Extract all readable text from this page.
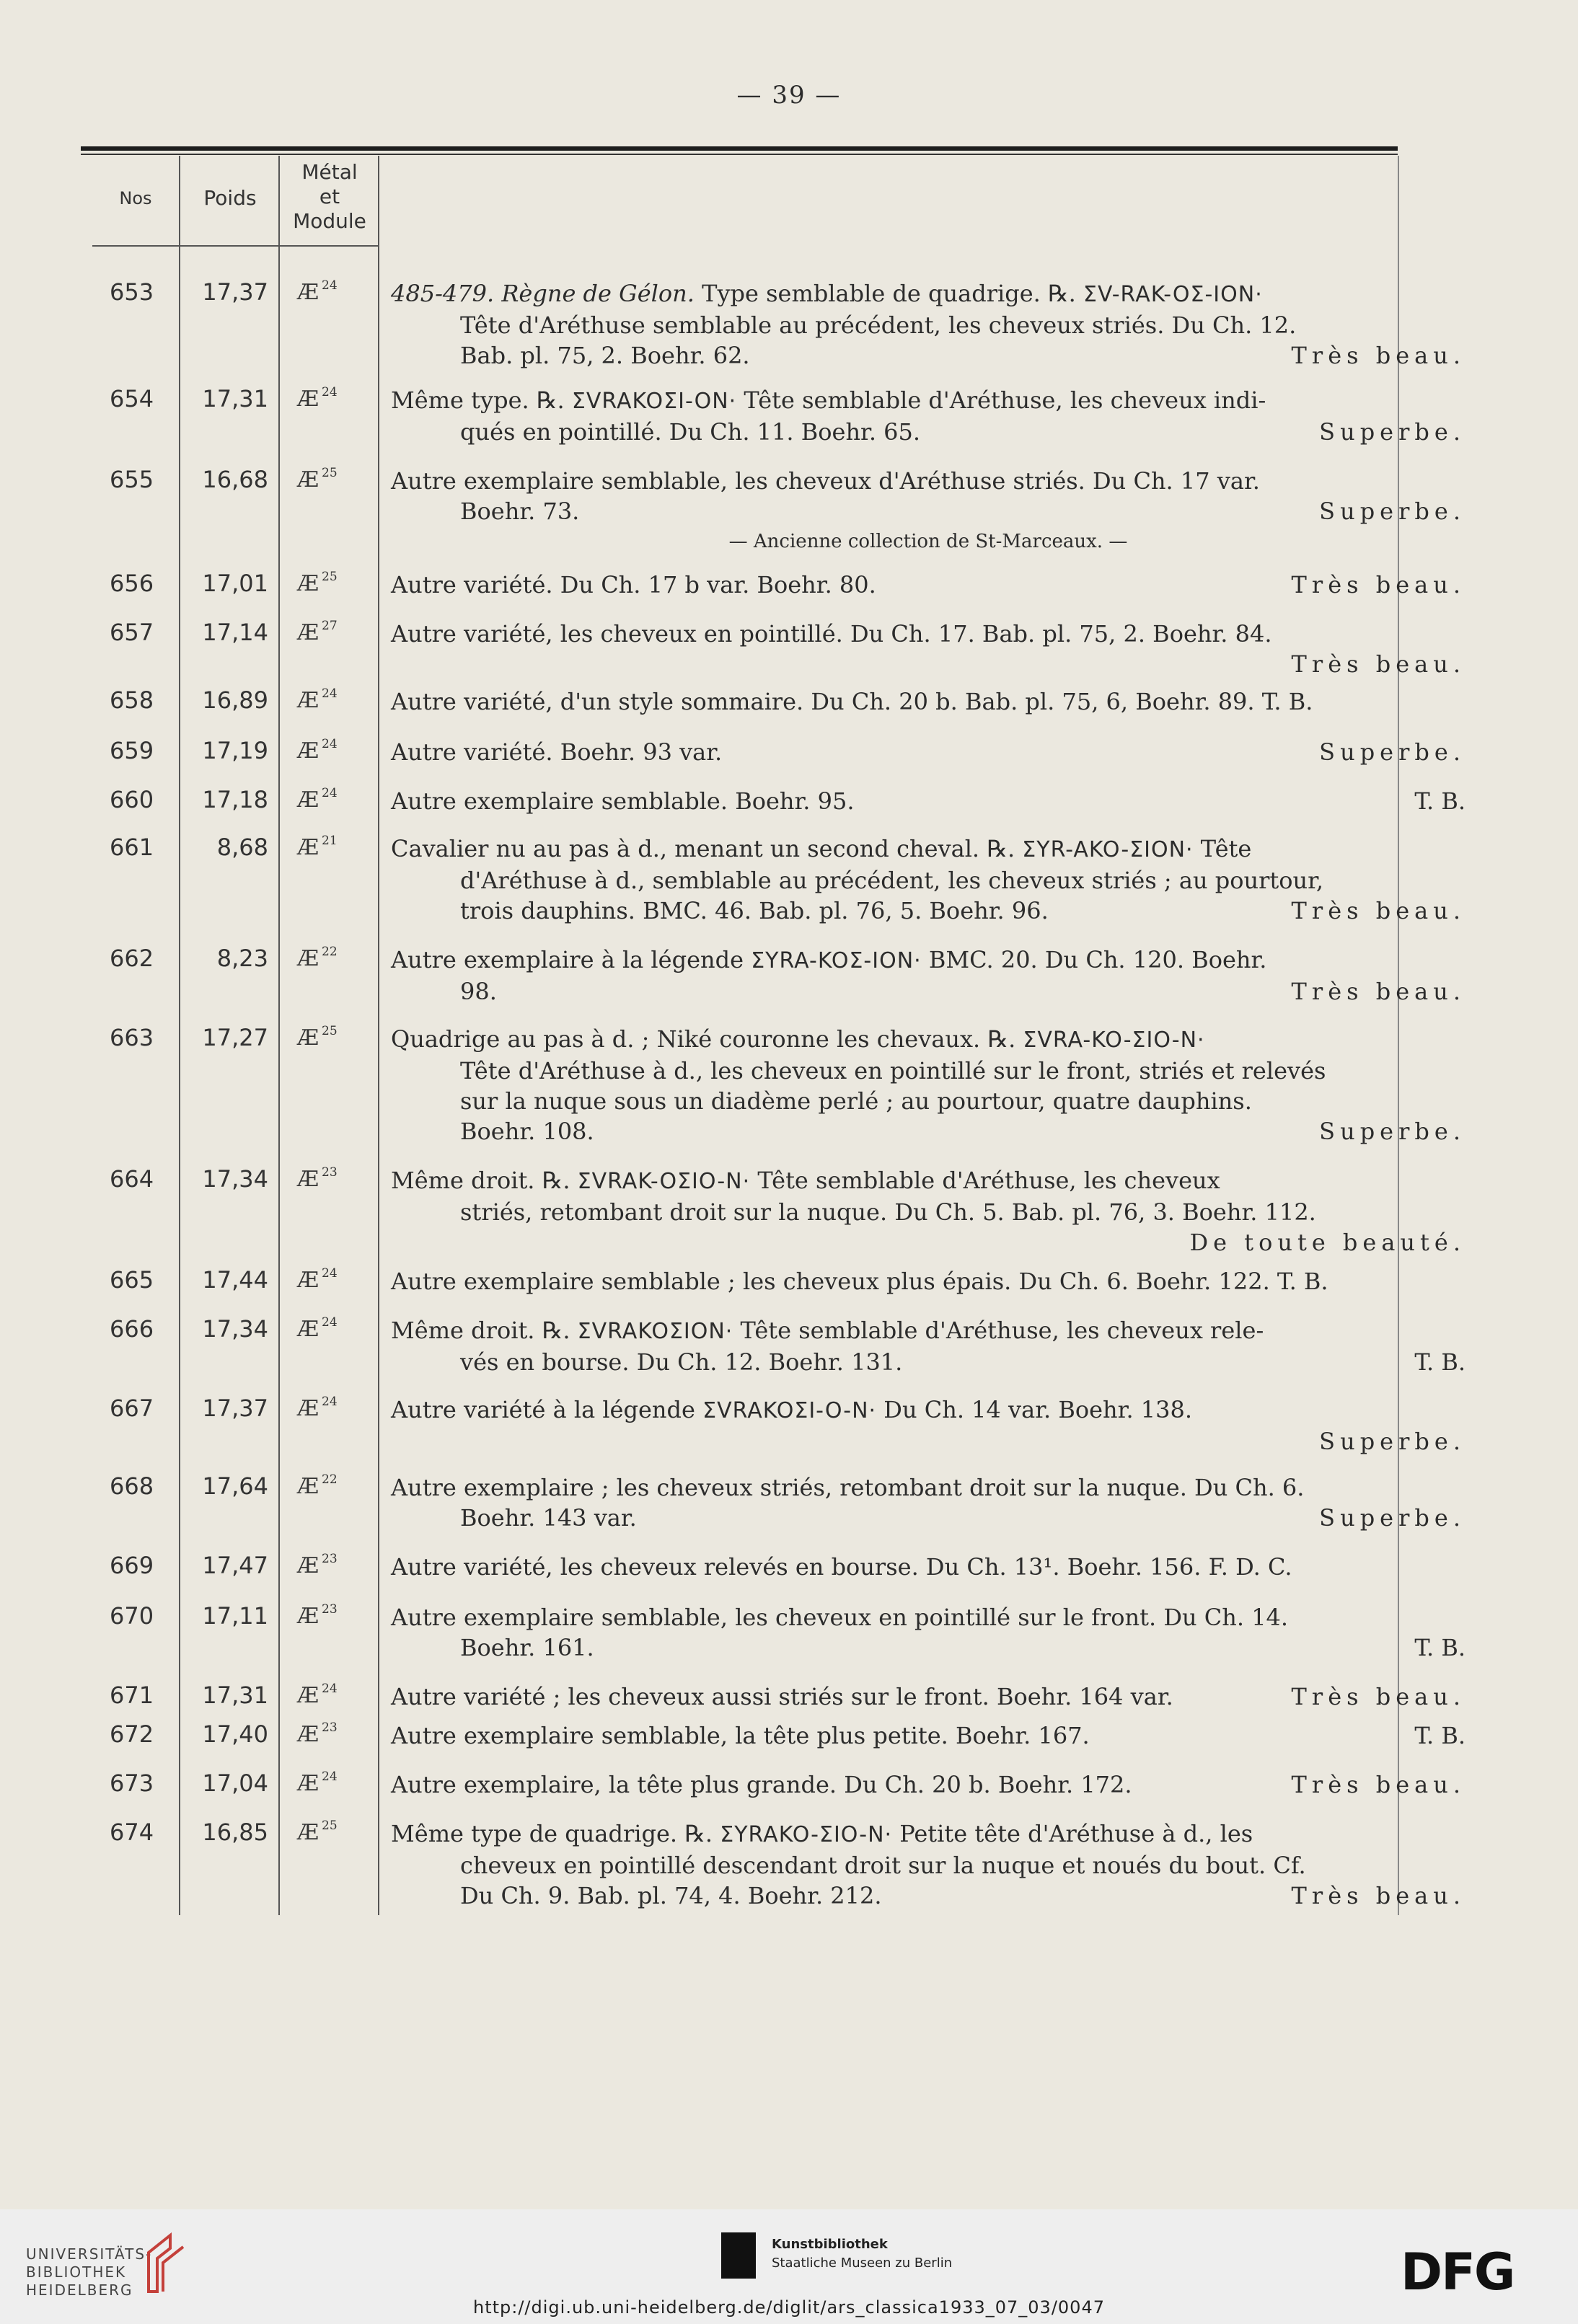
— 39 —
Nos	Poids
Métal
et
Module
653	17,37 Æ $^{24}$	485-479. Règne de Gélon. Type semblable de quadrige. ℞. ΣV-RAK-OΣ-ION·
Tête d'Aréthuse semblable au précédent, les cheveux striés. Du Ch. 12.
Bab. pl. 75, 2. Boehr. 62.	Très beau.
654	17,31 Æ $^{24}$	Même type. ℞. ΣVRAKOΣI-ON· Tête semblable d'Aréthuse, les cheveux indi-
qués en pointillé. Du Ch. 11. Boehr. 65.	Superbe.
655	16,68 Æ $^{25}$	Autre exemplaire semblable, les cheveux d'Aréthuse striés. Du Ch. 17 var.
Boehr. 73.	Superbe.
— Ancienne collection de St-Marceaux. —
656	17,01 Æ $^{25}$	Autre variété. Du Ch. 17 b var. Boehr. 80.	Très beau.
657	17,14 Æ $^{27}$	Autre variété, les cheveux en pointillé. Du Ch. 17. Bab. pl. 75, 2. Boehr. 84.
Très beau.
658	16,89 Æ $^{24}$	Autre variété, d'un style sommaire. Du Ch. 20 b. Bab. pl. 75, 6, Boehr. 89. T. B.
659	17,19 Æ $^{24}$	Autre variété. Boehr. 93 var.	Superbe.
660	17,18 Æ $^{24}$	Autre exemplaire semblable. Boehr. 95.	T. B.
661	8,68 Æ $^{21}$	Cavalier nu au pas à d., menant un second cheval. ℞. ΣYR-AKO-ΣION· Tête
d'Aréthuse à d., semblable au précédent, les cheveux striés ; au pourtour,
trois dauphins. BMC. 46. Bab. pl. 76, 5. Boehr. 96.	Très beau.
662	8,23 Æ $^{22}$	Autre exemplaire à la légende ΣYRA-KOΣ-ION· BMC. 20. Du Ch. 120. Boehr.
98.	Très beau.
663	17,27 Æ $^{25}$	Quadrige au pas à d. ; Niké couronne les chevaux. ℞. ΣVRA-KO-ΣIO-N·
Tête d'Aréthuse à d., les cheveux en pointillé sur le front, striés et relevés
sur la nuque sous un diadème perlé ; au pourtour, quatre dauphins.
Boehr. 108.	Superbe.
664	17,34 Æ $^{23}$	Même droit. ℞. ΣVRAK-OΣIO-N· Tête semblable d'Aréthuse, les cheveux
striés, retombant droit sur la nuque. Du Ch. 5. Bab. pl. 76, 3. Boehr. 112.
De toute beauté.
665	17,44 Æ $^{24}$	Autre exemplaire semblable ; les cheveux plus épais. Du Ch. 6. Boehr. 122. T. B.
666	17,34 Æ $^{24}$	Même droit. ℞. ΣVRAKOΣION· Tête semblable d'Aréthuse, les cheveux rele-
vés en bourse. Du Ch. 12. Boehr. 131.	T. B.
667	17,37 Æ $^{24}$	Autre variété à la légende ΣVRAKOΣI-O-N· Du Ch. 14 var. Boehr. 138.
Superbe.
668	17,64 Æ $^{22}$	Autre exemplaire ; les cheveux striés, retombant droit sur la nuque. Du Ch. 6.
Boehr. 143 var.	Superbe.
669	17,47 Æ $^{23}$	Autre variété, les cheveux relevés en bourse. Du Ch. 13¹. Boehr. 156. F. D. C.
670	17,11 Æ $^{23}$	Autre exemplaire semblable, les cheveux en pointillé sur le front. Du Ch. 14.
Boehr. 161.	T. B.
671	17,31 Æ $^{24}$	Autre variété ; les cheveux aussi striés sur le front. Boehr. 164 var.	Très beau.
672	17,40 Æ $^{23}$	Autre exemplaire semblable, la tête plus petite. Boehr. 167.	T. B.
673	17,04 Æ $^{24}$	Autre exemplaire, la tête plus grande. Du Ch. 20 b. Boehr. 172.	Très beau.
674	16,85 Æ $^{25}$	Même type de quadrige. ℞. ΣYRAKO-ΣIO-N· Petite tête d'Aréthuse à d., les
cheveux en pointillé descendant droit sur la nuque et noués du bout. Cf.
Du Ch. 9. Bab. pl. 74, 4. Boehr. 212.	Très beau.
UNIVERSITÄTS-
BIBLIOTHEK
HEIDELBERG
Kunstbibliothek
Staatliche Museen zu Berlin	DFG
http://digi.ub.uni-heidelberg.de/diglit/ars_classica1933_07_03/0047
